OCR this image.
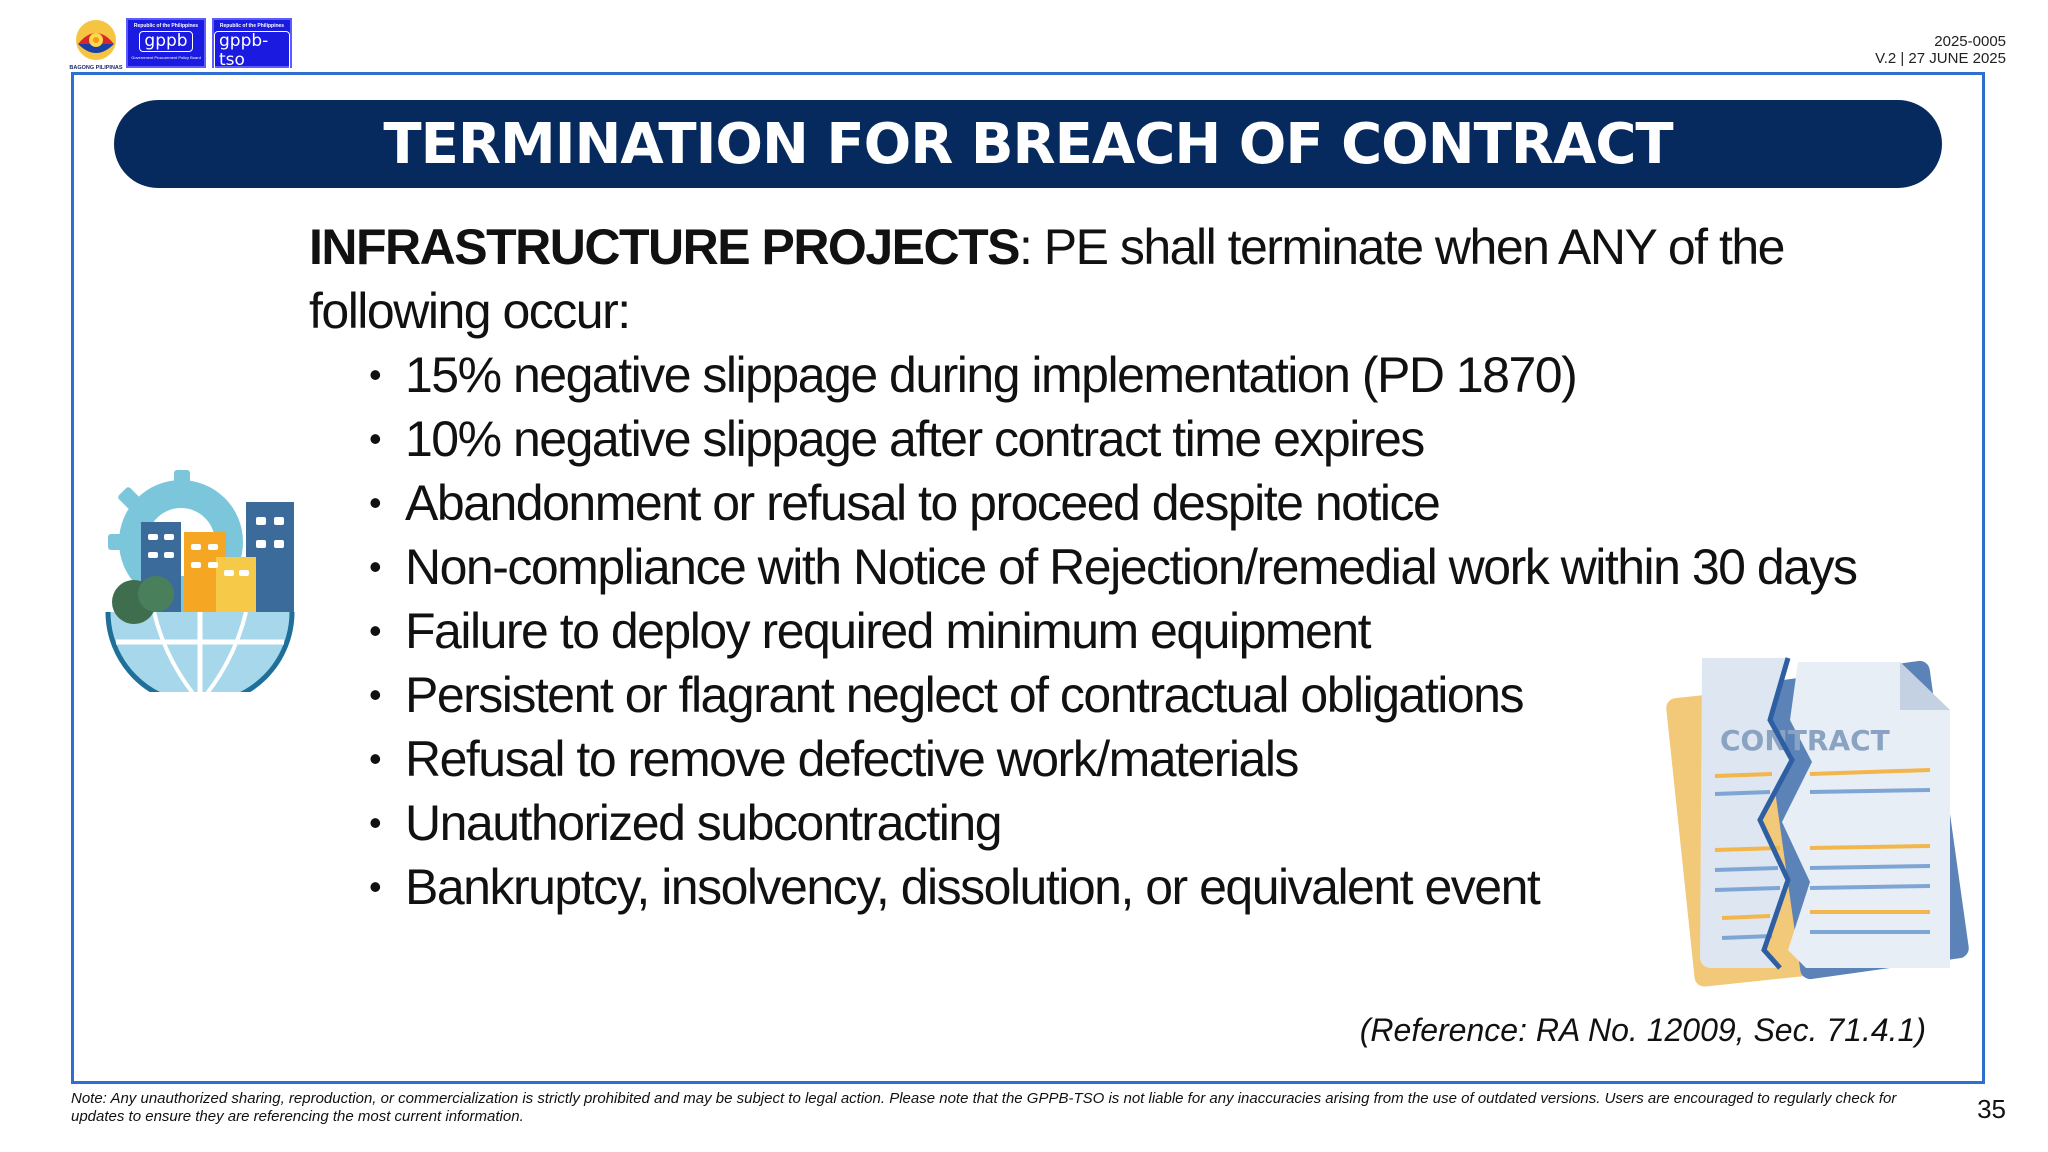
BAGONG PILIPINAS
Republic of the Philippines
gppb
Government Procurement Policy Board
Republic of the Philippines
gppb-tso
2025-0005
V.2 | 27 JUNE 2025
TERMINATION FOR BREACH OF CONTRACT

INFRASTRUCTURE PROJECTS: PE shall terminate when ANY of the following occur:

• 15% negative slippage during implementation (PD 1870)
• 10% negative slippage after contract time expires
• Abandonment or refusal to proceed despite notice
• Non-compliance with Notice of Rejection/remedial work within 30 days
• Failure to deploy required minimum equipment
• Persistent or flagrant neglect of contractual obligations
• Refusal to remove defective work/materials
• Unauthorized subcontracting
• Bankruptcy, insolvency, dissolution, or equivalent event
(Reference: RA No. 12009, Sec. 71.4.1)
CONTRACT
Note: Any unauthorized sharing, reproduction, or commercialization is strictly prohibited and may be subject to legal action. Please note that the GPPB-TSO is not liable for any inaccuracies arising from the use of outdated versions. Users are encouraged to regularly check for updates to ensure they are referencing the most current information.	35
